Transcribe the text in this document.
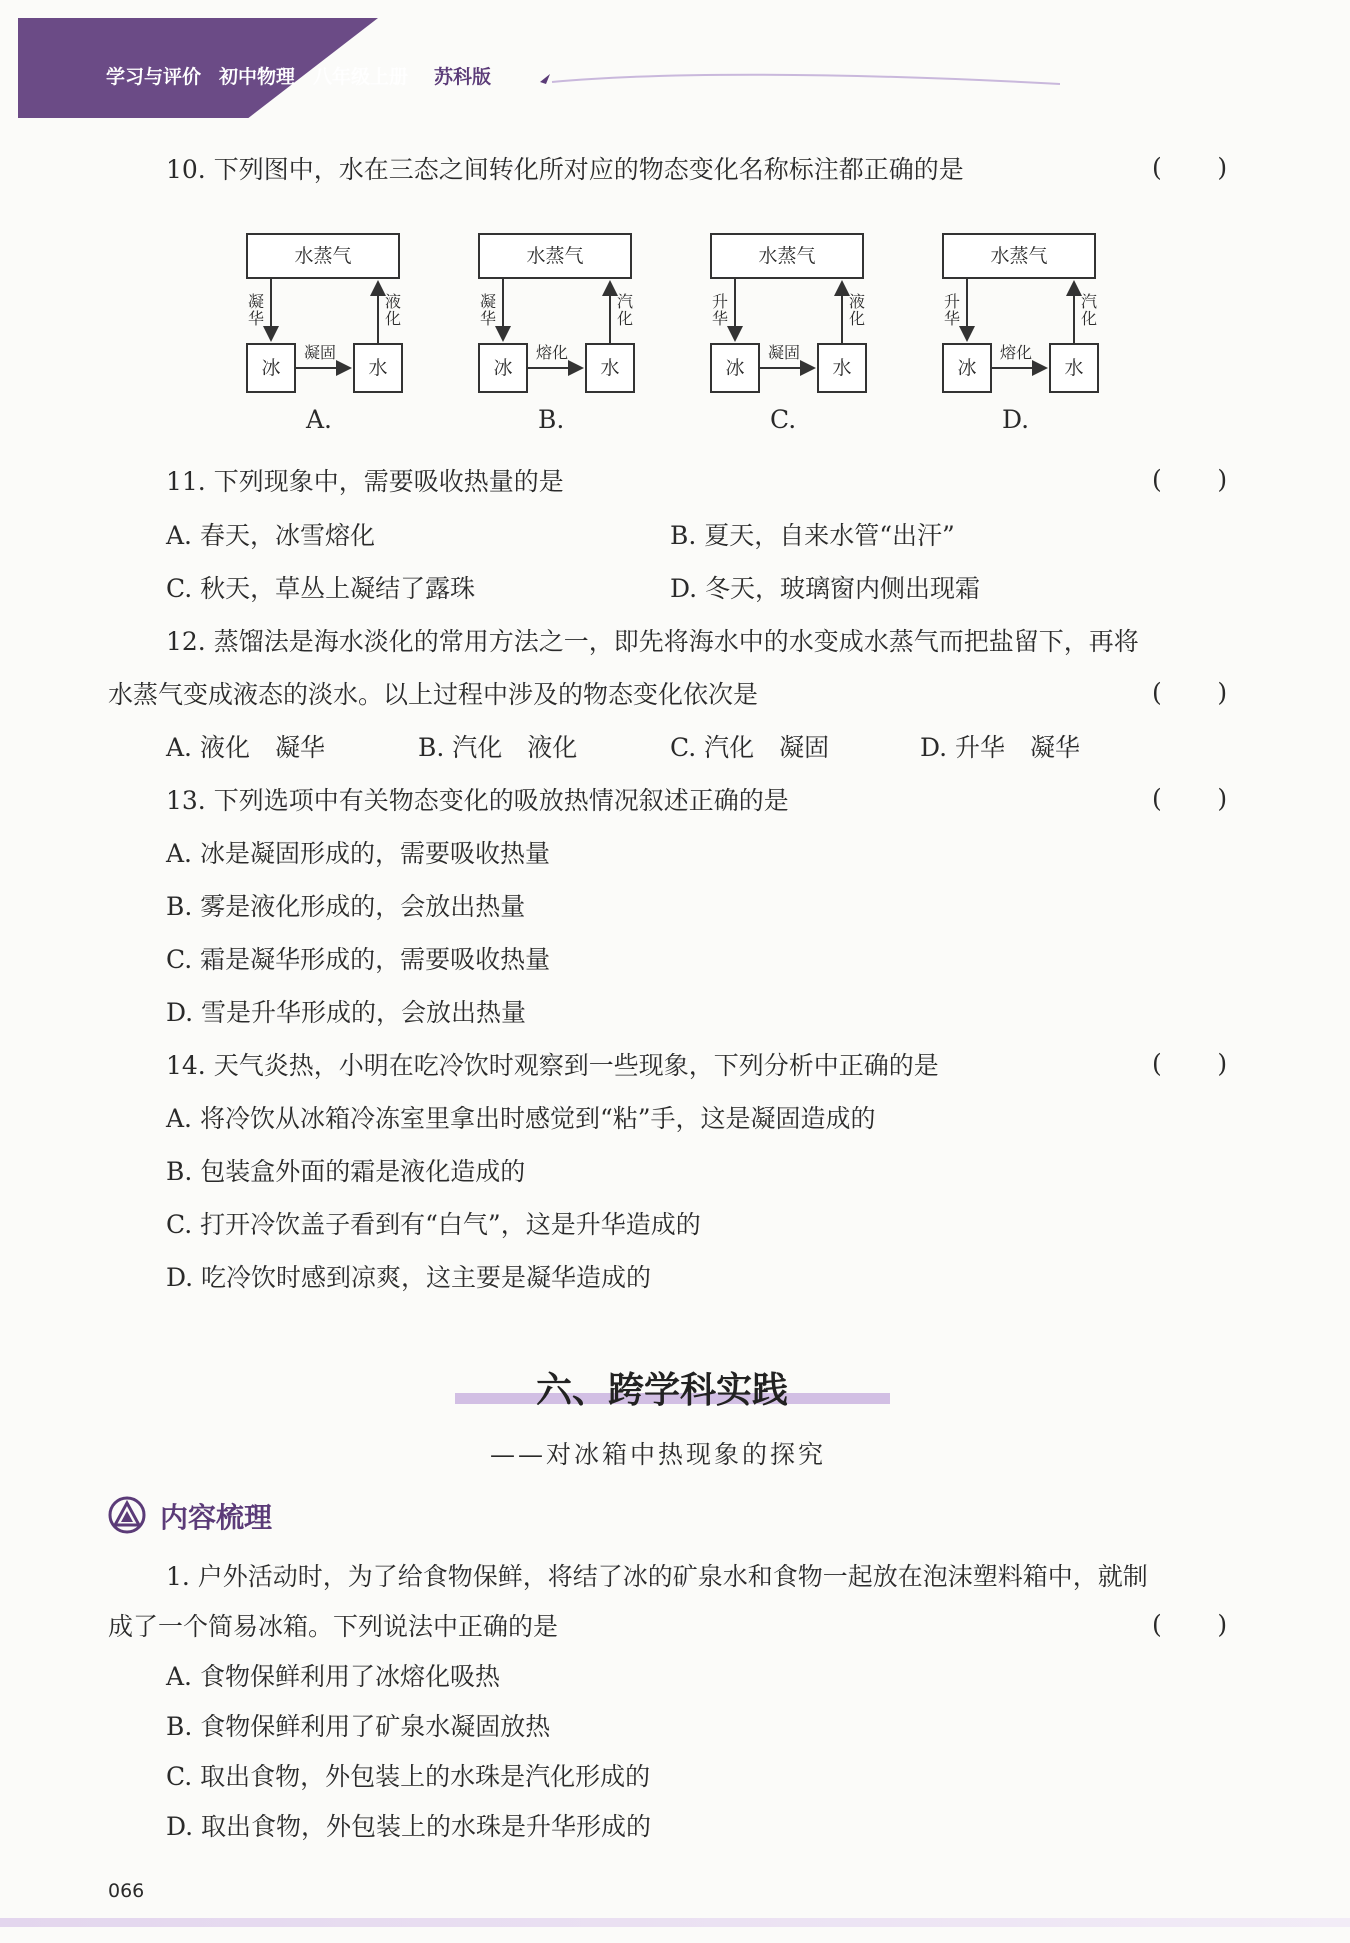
学习与评价 初中物理 八年级上册 苏科版
10. 下列图中，水在三态之间转化所对应的物态变化名称标注都正确的是	(       )
水蒸气
冰	水
凝华
液化
凝固
A.
水蒸气
冰	水
凝华
汽化
熔化
B.
水蒸气
冰	水
升华
液化
凝固
C.
水蒸气
冰	水
升华
汽化
熔化
D.
11. 下列现象中，需要吸收热量的是	(       )
A. 春天，冰雪熔化	B. 夏天，自来水管“出汗”
C. 秋天，草丛上凝结了露珠	D. 冬天，玻璃窗内侧出现霜
12. 蒸馏法是海水淡化的常用方法之一，即先将海水中的水变成水蒸气而把盐留下，再将
水蒸气变成液态的淡水。以上过程中涉及的物态变化依次是	(       )
A. 液化　凝华	B. 汽化　液化	C. 汽化　凝固	D. 升华　凝华
13. 下列选项中有关物态变化的吸放热情况叙述正确的是	(       )
A. 冰是凝固形成的，需要吸收热量
B. 雾是液化形成的，会放出热量
C. 霜是凝华形成的，需要吸收热量
D. 雪是升华形成的，会放出热量
14. 天气炎热，小明在吃冷饮时观察到一些现象，下列分析中正确的是	(       )
A. 将冷饮从冰箱冷冻室里拿出时感觉到“粘”手，这是凝固造成的
B. 包装盒外面的霜是液化造成的
C. 打开冷饮盖子看到有“白气”，这是升华造成的
D. 吃冷饮时感到凉爽，这主要是凝华造成的
六、跨学科实践
——对冰箱中热现象的探究
内容梳理
1. 户外活动时，为了给食物保鲜，将结了冰的矿泉水和食物一起放在泡沫塑料箱中，就制
成了一个简易冰箱。下列说法中正确的是	(       )
A. 食物保鲜利用了冰熔化吸热
B. 食物保鲜利用了矿泉水凝固放热
C. 取出食物，外包装上的水珠是汽化形成的
D. 取出食物，外包装上的水珠是升华形成的
066
